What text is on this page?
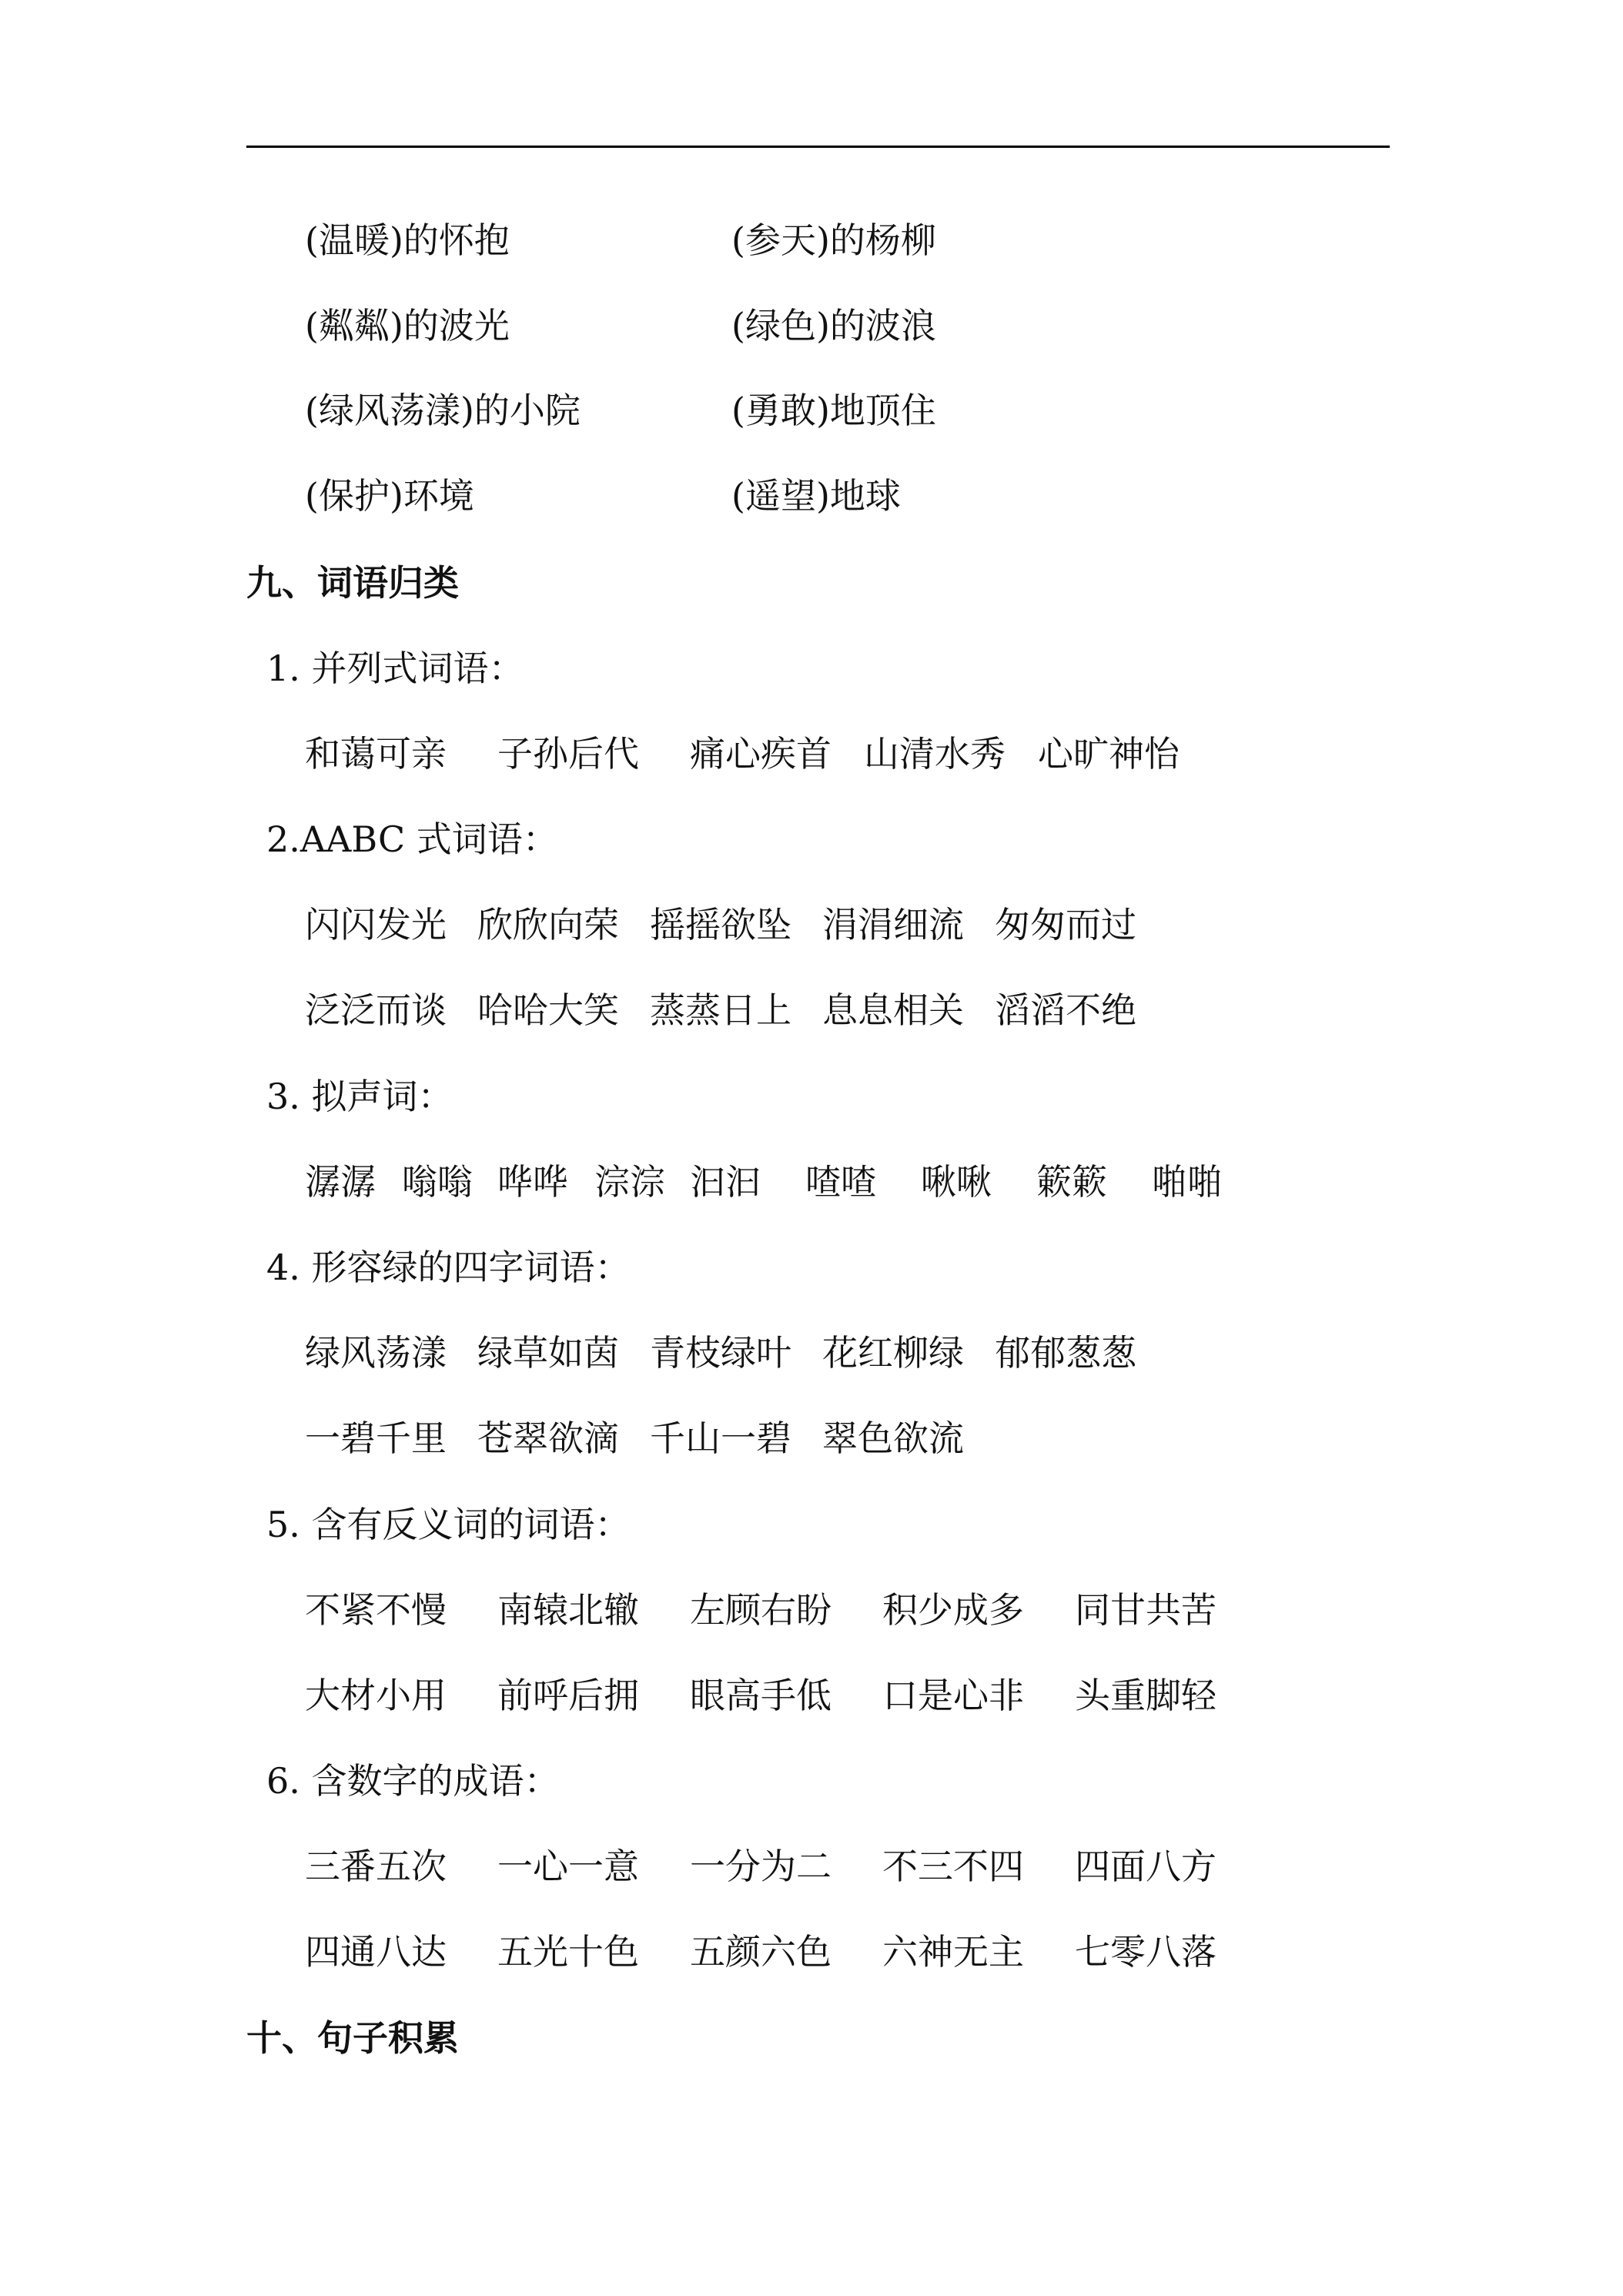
(温暖)的怀抱	(参天)的杨柳
(粼粼)的波光	(绿色)的波浪
(绿风荡漾)的小院	(勇敢)地顶住
(保护)环境	(遥望)地球
九、词语归类
1. 并列式词语：
和蔼可亲	子孙后代	痛心疾首 山清水秀 心旷神怡
2.AABC 式词语：
闪闪发光 欣欣向荣 摇摇欲坠 涓涓细流 匆匆而过
泛泛而谈 哈哈大笑 蒸蒸日上 息息相关 滔滔不绝
3. 拟声词：
潺潺 嗡嗡 哗哗 淙淙 汩汩	喳喳	啾啾	簌簌	啪啪
4. 形容绿的四字词语：
绿风荡漾 绿草如茵 青枝绿叶 花红柳绿 郁郁葱葱
一碧千里 苍翠欲滴 千山一碧 翠色欲流
5. 含有反义词的词语：
不紧不慢	南辕北辙	左顾右盼	积少成多	同甘共苦
大材小用	前呼后拥	眼高手低	口是心非	头重脚轻
6. 含数字的成语：
三番五次	一心一意	一分为二	不三不四	四面八方
四通八达	五光十色	五颜六色	六神无主	七零八落
十、句子积累
